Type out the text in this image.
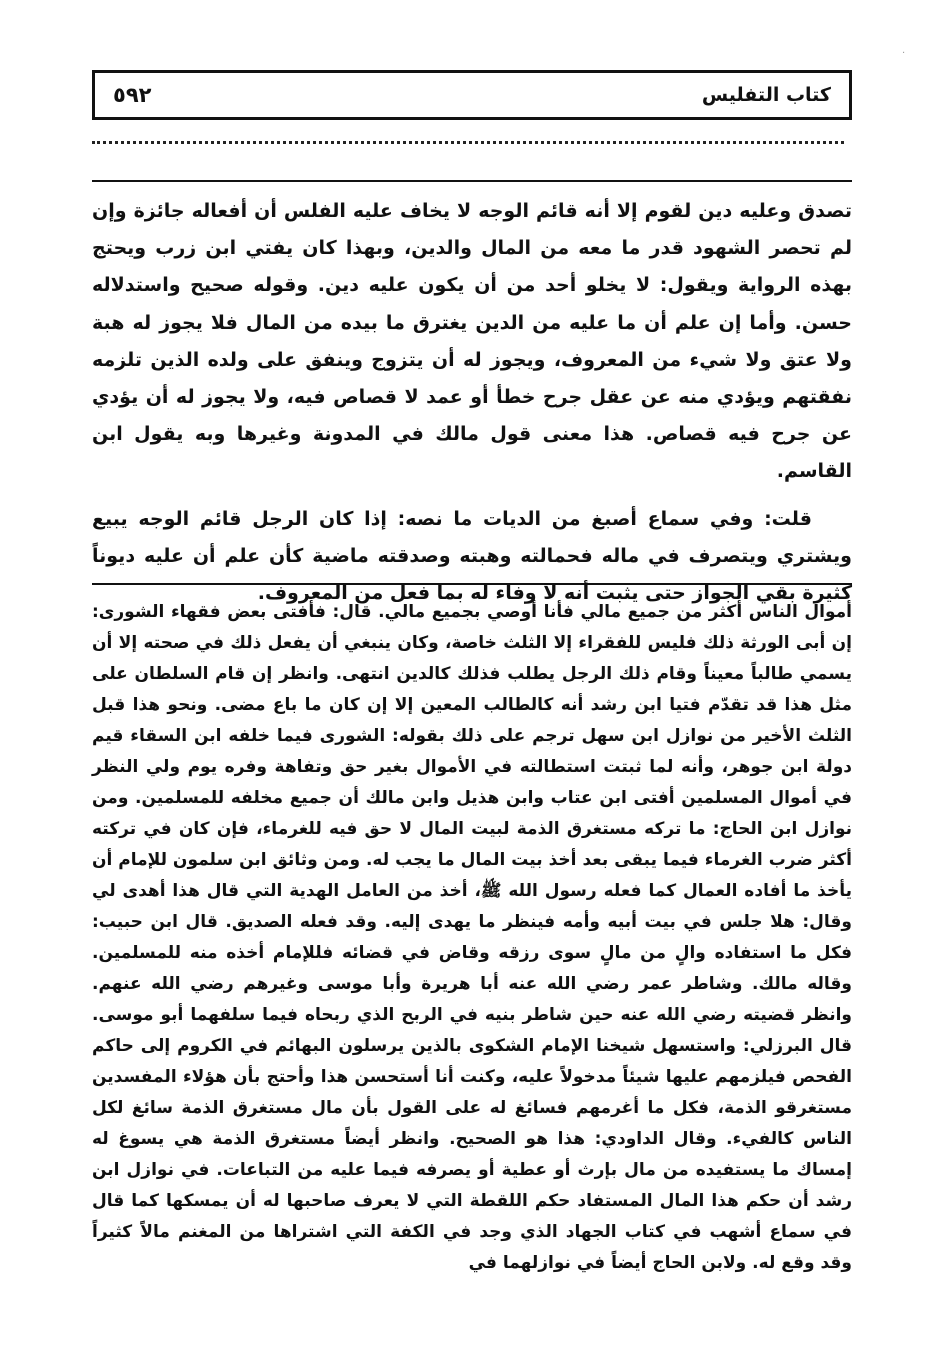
·
كتاب التفليس
٥٩٢

تصدق وعليه دين لقوم إلا أنه قائم الوجه لا يخاف عليه الفلس أن أفعاله جائزة وإن لم تحصر الشهود قدر ما معه من المال والدين، وبهذا كان يفتي ابن زرب ويحتج بهذه الرواية ويقول: لا يخلو أحد من أن يكون عليه دين. وقوله صحيح واستدلاله حسن. وأما إن علم أن ما عليه من الدين يغترق ما بيده من المال فلا يجوز له هبة ولا عتق ولا شيء من المعروف، ويجوز له أن يتزوج وينفق على ولده الذين تلزمه نفقتهم ويؤدي منه عن عقل جرح خطأ أو عمد لا قصاص فيه، ولا يجوز له أن يؤدي عن جرح فيه قصاص. هذا معنى قول مالك في المدونة وغيرها وبه يقول ابن القاسم.

قلت: وفي سماع أصبغ من الديات ما نصه: إذا كان الرجل قائم الوجه يبيع ويشتري ويتصرف في ماله فحمالته وهبته وصدقته ماضية كأن علم أن عليه ديوناً كثيرة بقي الجواز حتى يثبت أنه لا وفاء له بما فعل من المعروف.

أموال الناس أكثر من جميع مالي فأنا أوصي بجميع مالي. قال: فأفتى بعض فقهاء الشورى: إن أبى الورثة ذلك فليس للفقراء إلا الثلث خاصة، وكان ينبغي أن يفعل ذلك في صحته إلا أن يسمي طالباً معيناً وقام ذلك الرجل يطلب فذلك كالدين انتهى. وانظر إن قام السلطان على مثل هذا قد تقدّم فتيا ابن رشد أنه كالطالب المعين إلا إن كان ما باع مضى. ونحو هذا قبل الثلث الأخير من نوازل ابن سهل ترجم على ذلك بقوله: الشورى فيما خلفه ابن السقاء قيم دولة ابن جوهر، وأنه لما ثبتت استطالته في الأموال بغير حق وتفاهة وفره يوم ولي النظر في أموال المسلمين أفتى ابن عتاب وابن هذيل وابن مالك أن جميع مخلفه للمسلمين. ومن نوازل ابن الحاج: ما تركه مستغرق الذمة لبيت المال لا حق فيه للغرماء، فإن كان في تركته أكثر ضرب الغرماء فيما يبقى بعد أخذ بيت المال ما يجب له. ومن وثائق ابن سلمون للإمام أن يأخذ ما أفاده العمال كما فعله رسول الله ﷺ، أخذ من العامل الهدية التي قال هذا أهدى لي وقال: هلا جلس في بيت أبيه وأمه فينظر ما يهدى إليه. وقد فعله الصديق. قال ابن حبيب: فكل ما استفاده والٍ من مالٍ سوى رزقه وقاض في قضائه فللإمام أخذه منه للمسلمين. وقاله مالك. وشاطر عمر رضي الله عنه أبا هريرة وأبا موسى وغيرهم رضي الله عنهم. وانظر قضيته رضي الله عنه حين شاطر بنيه في الربح الذي ربحاه فيما سلفهما أبو موسى. قال البرزلي: واستسهل شيخنا الإمام الشكوى بالذين يرسلون البهائم في الكروم إلى حاكم الفحص فيلزمهم عليها شيئاً مدخولاً عليه، وكنت أنا أستحسن هذا وأحتج بأن هؤلاء المفسدين مستغرقو الذمة، فكل ما أغرمهم فسائغ له على القول بأن مال مستغرق الذمة سائغ لكل الناس كالفيء. وقال الداودي: هذا هو الصحيح. وانظر أيضاً مستغرق الذمة هي يسوغ له إمساك ما يستفيده من مال بإرث أو عطية أو يصرفه فيما عليه من التباعات. في نوازل ابن رشد أن حكم هذا المال المستفاد حكم اللقطة التي لا يعرف صاحبها له أن يمسكها كما قال في سماع أشهب في كتاب الجهاد الذي وجد في الكفة التي اشتراها من المغنم مالاً كثيراً وقد وقع له. ولابن الحاج أيضاً في نوازلهما في
